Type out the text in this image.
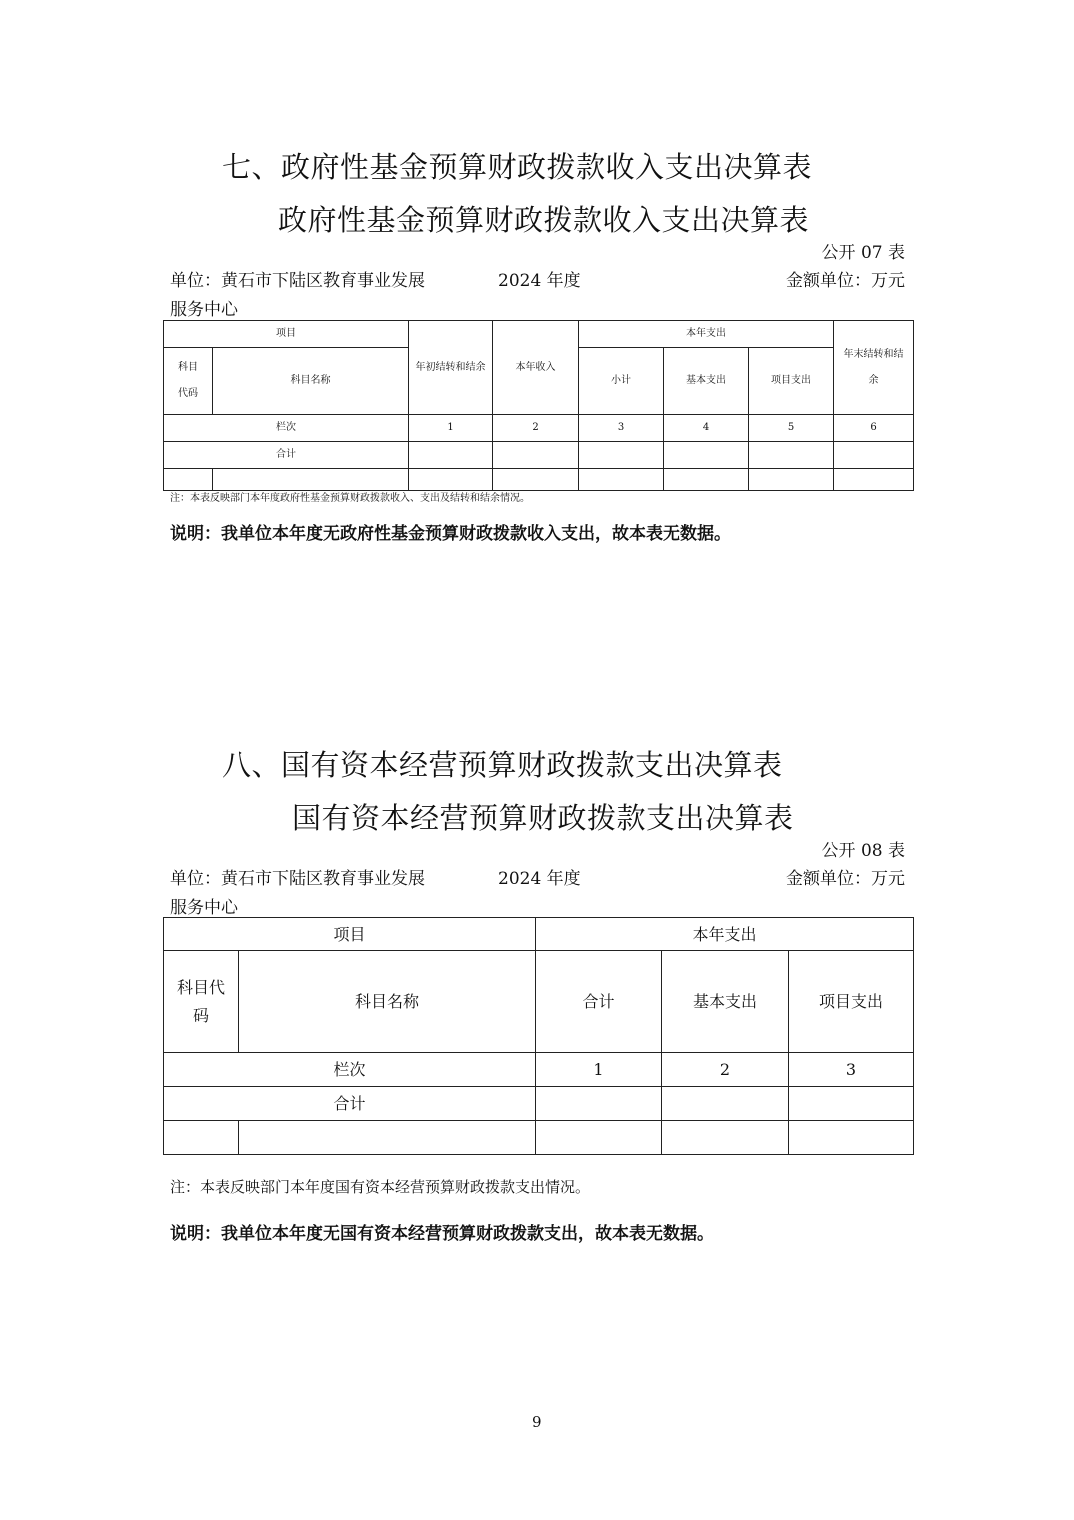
七、政府性基金预算财政拨款收入支出决算表
政府性基金预算财政拨款收入支出决算表
公开 07 表
单位：黄石市下陆区教育事业发展
服务中心
2024 年度	金额单位：万元
项目		年初结转和结余	本年收入	本年支出			年末结转和结余
科目代码	科目名称			小计	基本支出	项目支出	
栏次		1	2	3	4	5	6
合计							

注：本表反映部门本年度政府性基金预算财政拨款收入、支出及结转和结余情况。
说明：我单位本年度无政府性基金预算财政拨款收入支出，故本表无数据。
八、国有资本经营预算财政拨款支出决算表
国有资本经营预算财政拨款支出决算表
公开 08 表
单位：黄石市下陆区教育事业发展
服务中心
2024 年度	金额单位：万元
项目		本年支出		
科目代码	科目名称	合计	基本支出	项目支出
栏次		1	2	3
合计				

注：本表反映部门本年度国有资本经营预算财政拨款支出情况。
说明：我单位本年度无国有资本经营预算财政拨款支出，故本表无数据。
9
